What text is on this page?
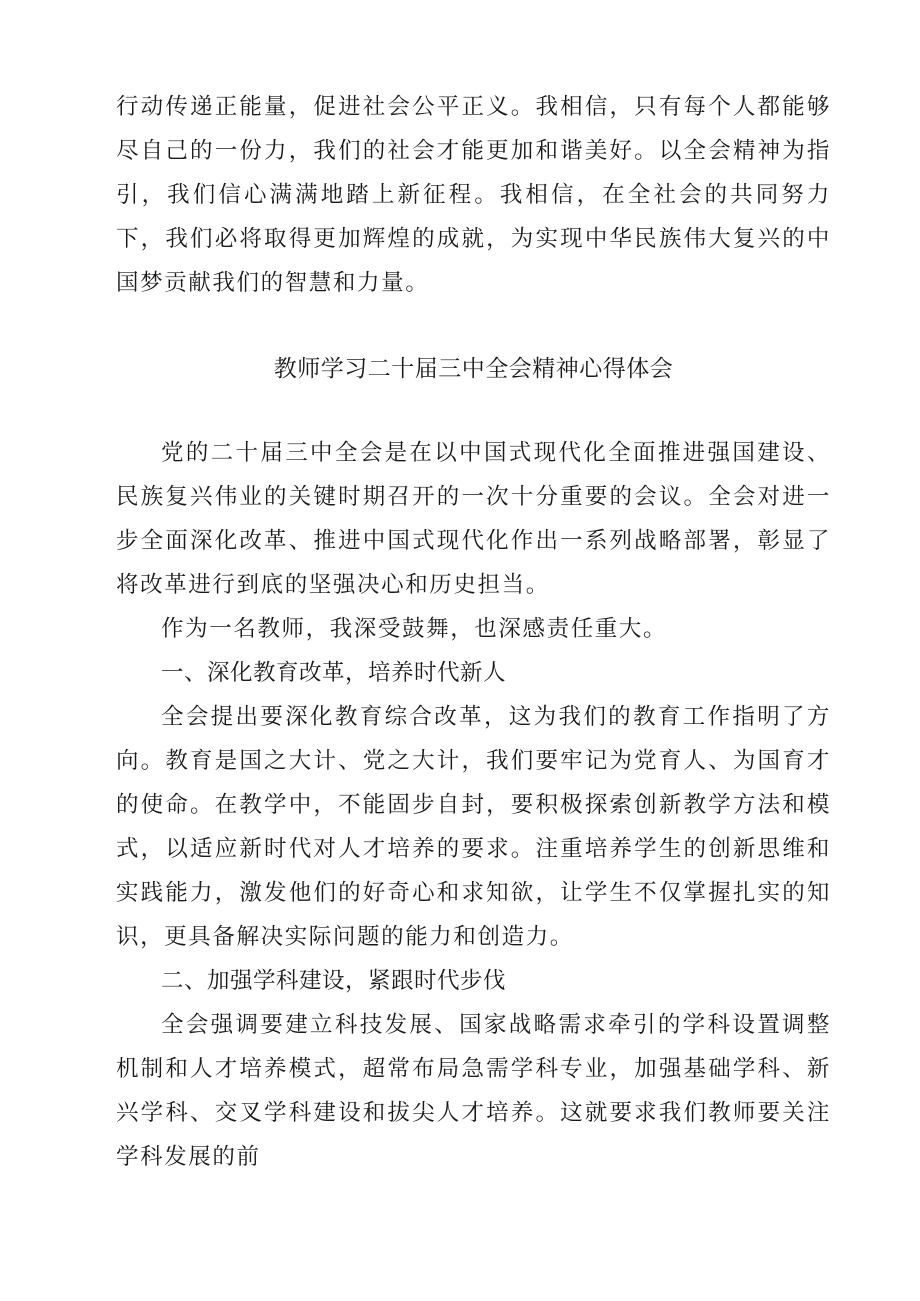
行动传递正能量，促进社会公平正义。我相信，只有每个人都能够尽自己的一份力，我们的社会才能更加和谐美好。以全会精神为指引，我们信心满满地踏上新征程。我相信，在全社会的共同努力下，我们必将取得更加辉煌的成就，为实现中华民族伟大复兴的中国梦贡献我们的智慧和力量。

教师学习二十届三中全会精神心得体会

党的二十届三中全会是在以中国式现代化全面推进强国建设、民族复兴伟业的关键时期召开的一次十分重要的会议。全会对进一步全面深化改革、推进中国式现代化作出一系列战略部署，彰显了将改革进行到底的坚强决心和历史担当。

作为一名教师，我深受鼓舞，也深感责任重大。

一、深化教育改革，培养时代新人

全会提出要深化教育综合改革，这为我们的教育工作指明了方向。教育是国之大计、党之大计，我们要牢记为党育人、为国育才的使命。在教学中，不能固步自封，要积极探索创新教学方法和模式，以适应新时代对人才培养的要求。注重培养学生的创新思维和实践能力，激发他们的好奇心和求知欲，让学生不仅掌握扎实的知识，更具备解决实际问题的能力和创造力。

二、加强学科建设，紧跟时代步伐

全会强调要建立科技发展、国家战略需求牵引的学科设置调整机制和人才培养模式，超常布局急需学科专业，加强基础学科、新兴学科、交叉学科建设和拔尖人才培养。这就要求我们教师要关注学科发展的前
